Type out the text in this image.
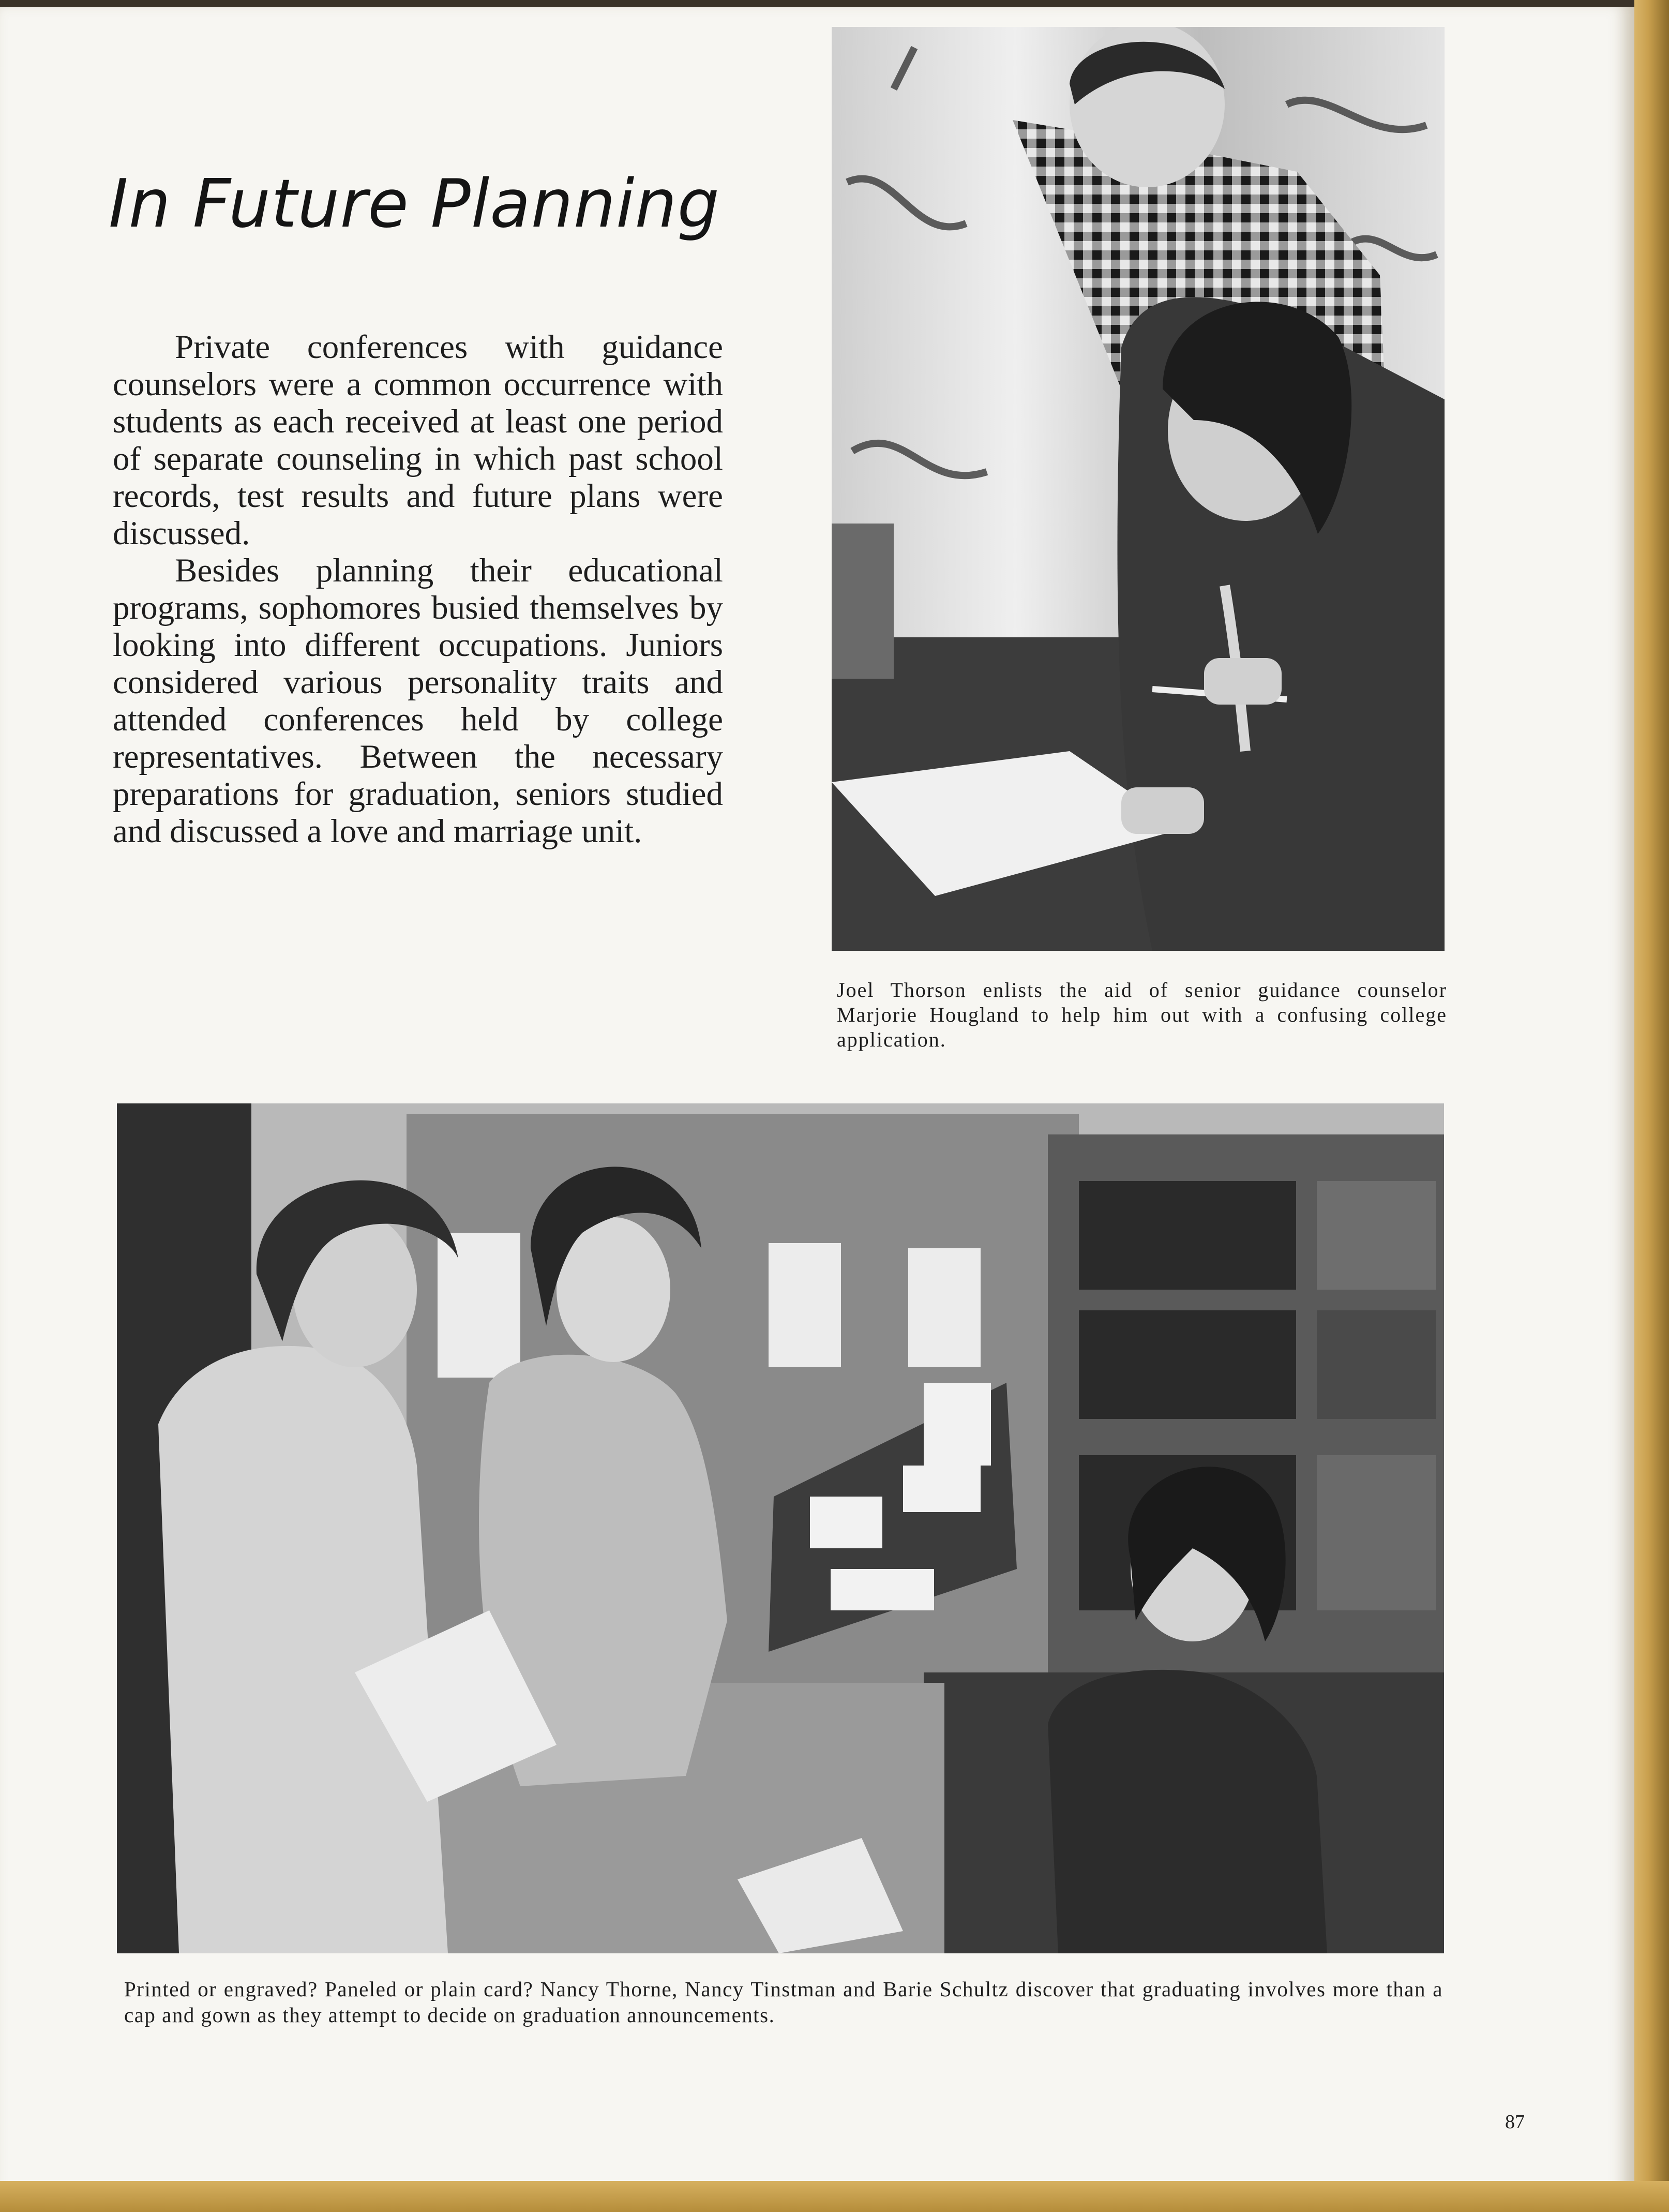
In Future Planning

Private conferences with guidance counselors were a common occurrence with students as each received at least one period of separate counseling in which past school records, test results and future plans were discussed.

Besides planning their educational programs, sophomores busied themselves by looking into different occupations. Juniors considered various personality traits and attended conferences held by college representatives. Between the necessary preparations for graduation, seniors studied and discussed a love and marriage unit.

Joel Thorson enlists the aid of senior guidance counselor Marjorie Hougland to help him out with a confusing college application.
Printed or engraved? Paneled or plain card? Nancy Thorne, Nancy Tinstman and Barie Schultz discover that graduating involves more than a cap and gown as they attempt to decide on graduation announcements.
87
